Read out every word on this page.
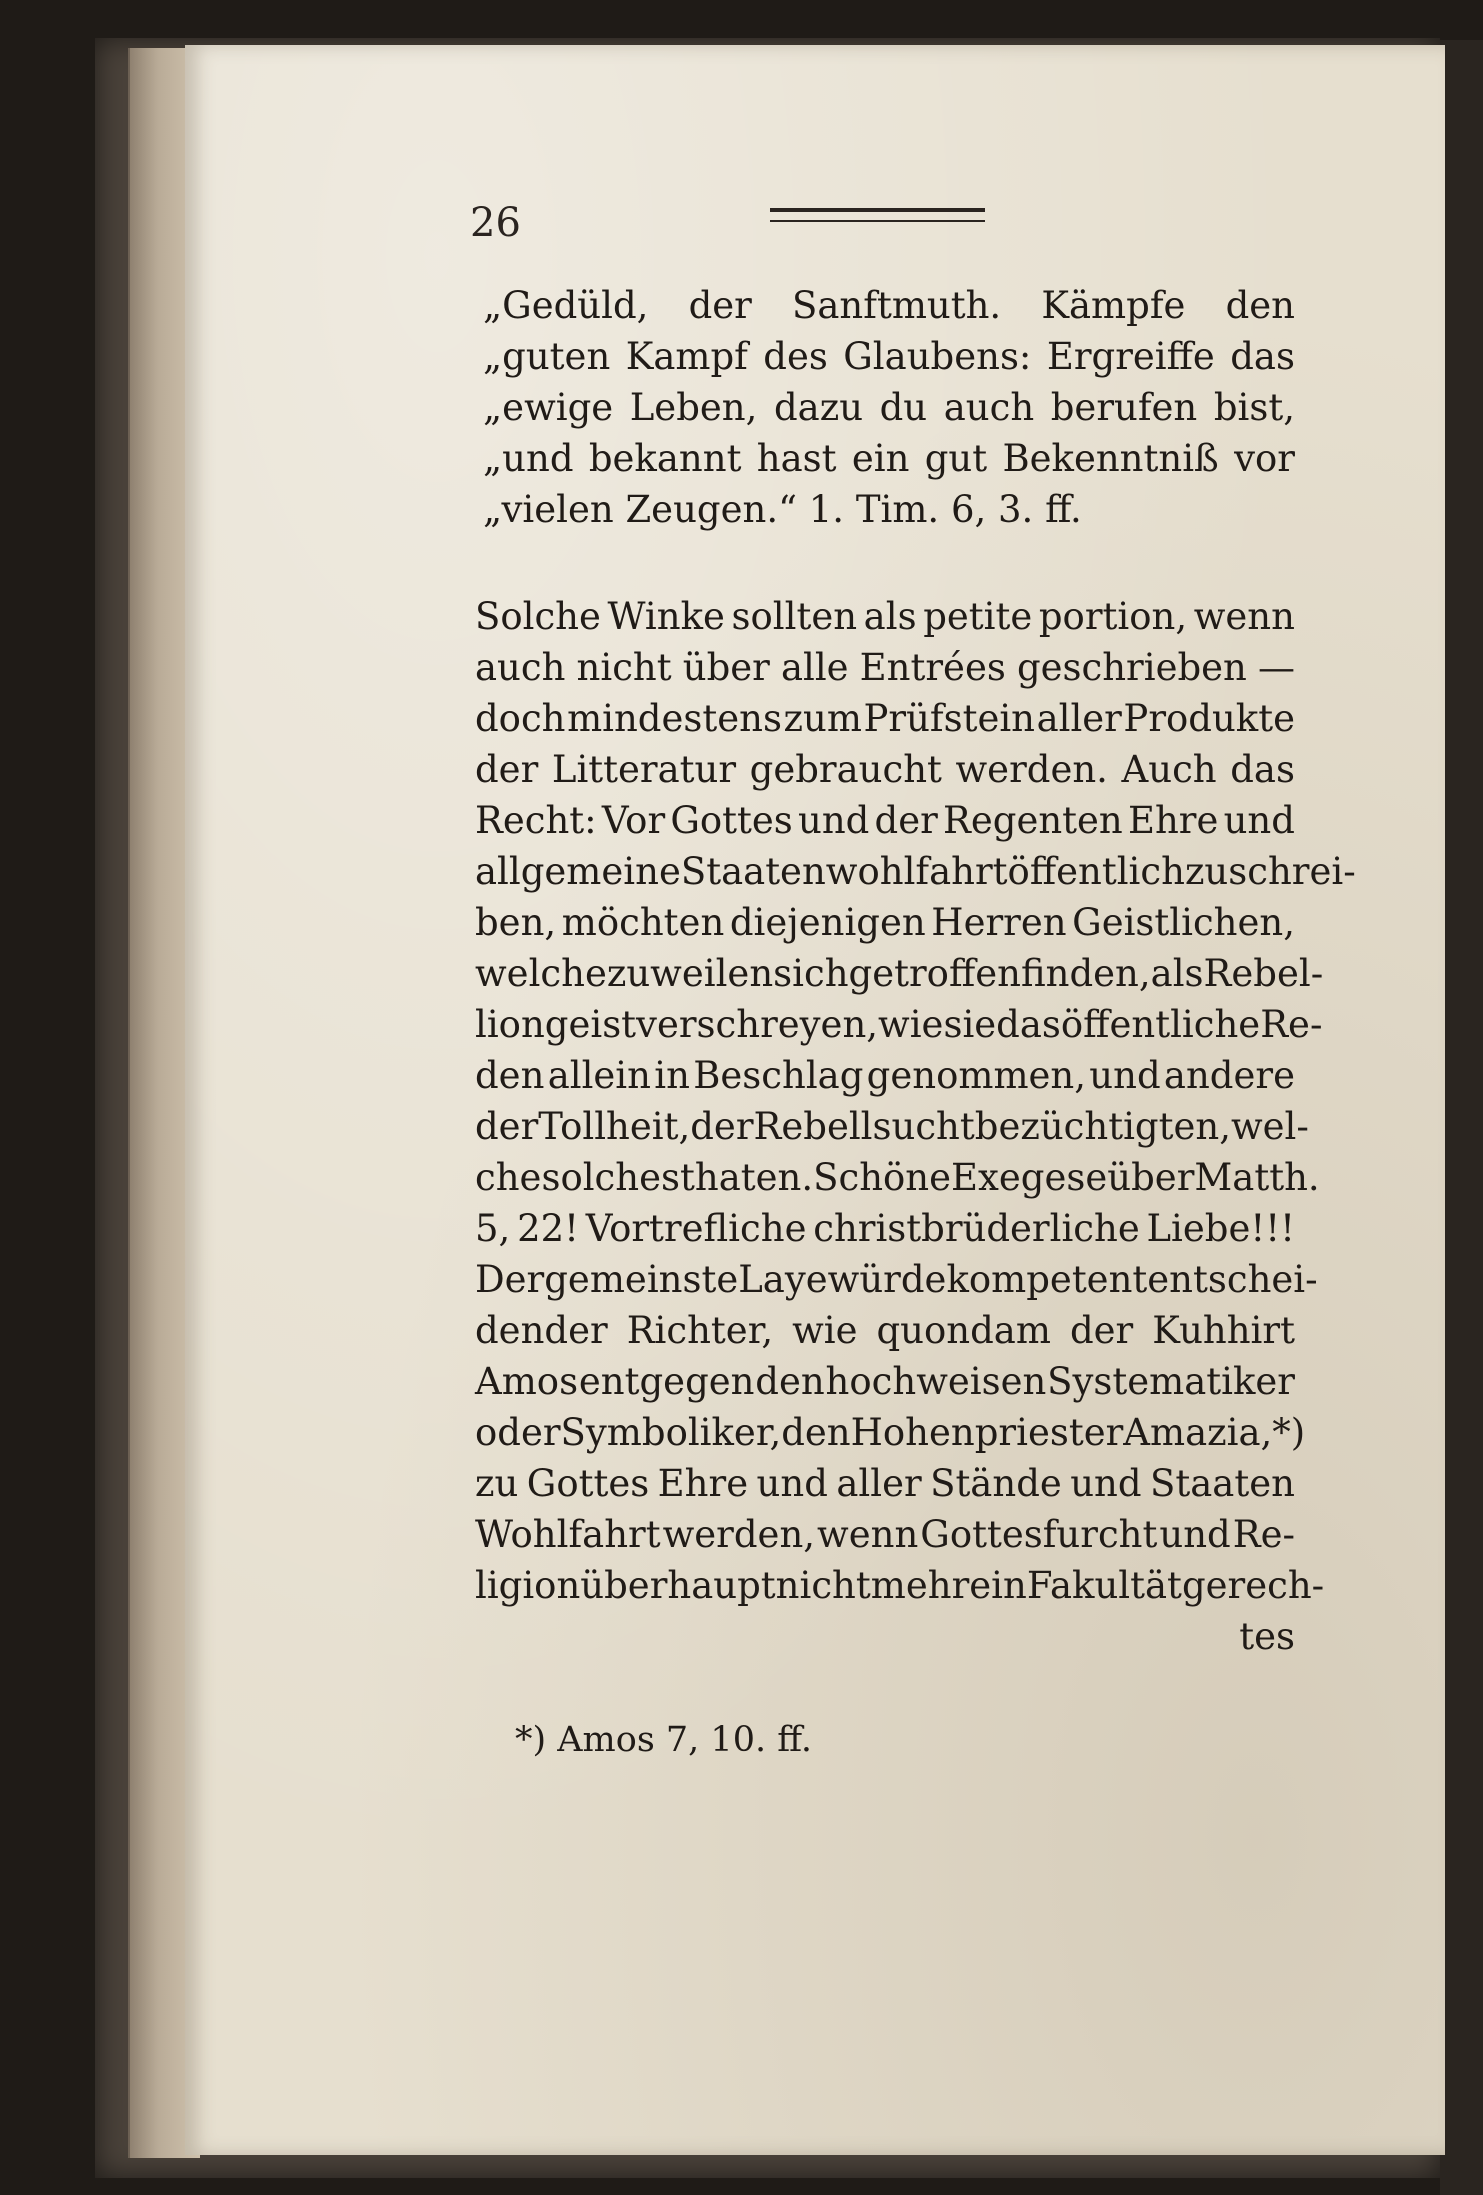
26
„Gedüld, der Sanftmuth. Kämpfe den
„guten Kampf des Glaubens: Ergreiffe das
„ewige Leben, dazu du auch berufen bist,
„und bekannt hast ein gut Bekenntniß vor
„vielen Zeugen.“ 1. Tim. 6, 3. ff.
Solche Winke sollten als petite portion, wenn
auch nicht über alle Entrées geschrieben —
doch mindestens zum Prüfstein aller Produkte
der Litteratur gebraucht werden. Auch das
Recht: Vor Gottes und der Regenten Ehre und
allgemeine Staatenwohlfahrt öffentlich zu schrei-
ben, möchten diejenigen Herren Geistlichen,
welche zuweilen sich getroffen finden, als Rebel-
liongeist verschreyen, wie sie das öffentliche Re-
den allein in Beschlag genommen, und andere
der Tollheit, der Rebellsucht bezüchtigten, wel-
che solches thaten. Schöne Exegese über Matth.
5, 22! Vortrefliche christbrüderliche Liebe!!!
Der gemeinste Laye würde kompetent entschei-
dender Richter, wie quondam der Kuhhirt
Amos entgegen den hochweisen Systematiker
oder Symboliker, den Hohenpriester Amazia, *)
zu Gottes Ehre und aller Stände und Staaten
Wohlfahrt werden, wenn Gottesfurcht und Re-
ligion überhaupt nicht mehr ein Fakultät gerech-
tes
*) Amos 7, 10. ff.
